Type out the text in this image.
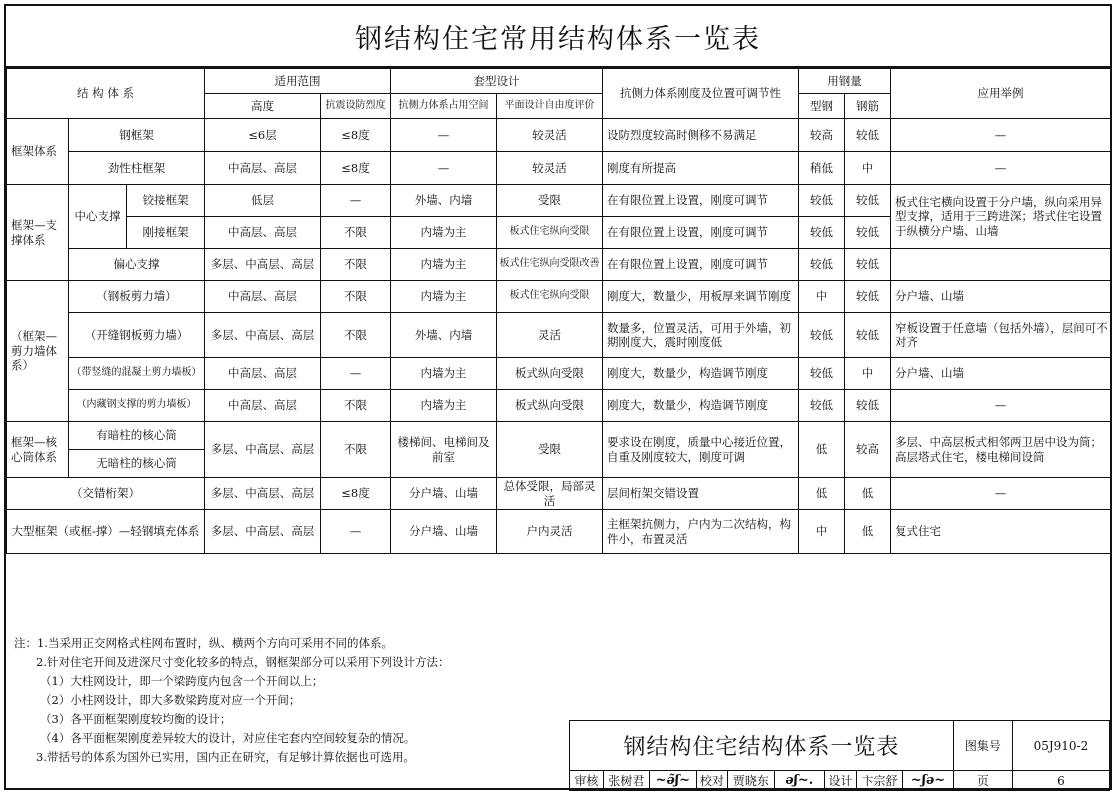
钢结构住宅常用结构体系一览表
结 构 体 系			适用范围		套型设计		抗侧力体系刚度及位置可调节性	用钢量		应用举例
			高度	抗震设防烈度	抗侧力体系占用空间	平面设计自由度评价		型钢	钢筋	
框架体系	钢框架		≤6层	≤8度	—	较灵活	设防烈度较高时侧移不易满足	较高	较低	—
	劲性柱框架		中高层、高层	≤8度	—	较灵活	刚度有所提高	稍低	中	—
框架—支撑体系	中心支撑	铰接框架	低层	—	外墙、内墙	受限	在有限位置上设置，刚度可调节	较低	较低	板式住宅横向设置于分户墙，纵向采用异型支撑，适用于三跨进深；塔式住宅设置于纵横分户墙、山墙
		刚接框架	中高层、高层	不限	内墙为主	板式住宅纵向受限	在有限位置上设置，刚度可调节	较低	较低	
	偏心支撑		多层、中高层、高层	不限	内墙为主	板式住宅纵向受限改善	在有限位置上设置，刚度可调节	较低	较低	
（框架—剪力墙体系）	（钢板剪力墙）		中高层、高层	不限	内墙为主	板式住宅纵向受限	刚度大，数量少，用板厚来调节刚度	中	较低	分户墙、山墙
	（开缝钢板剪力墙）		多层、中高层、高层	不限	外墙、内墙	灵活	数量多，位置灵活，可用于外墙，初期刚度大，震时刚度低	较低	较低	窄板设置于任意墙（包括外墙），层间可不对齐
	（带竖缝的混凝土剪力墙板）		中高层、高层	—	内墙为主	板式纵向受限	刚度大，数量少，构造调节刚度	较低	中	分户墙、山墙
	（内藏钢支撑的剪力墙板）		中高层、高层	不限	内墙为主	板式纵向受限	刚度大，数量少，构造调节刚度	较低	较低	—
框架—核心筒体系	有暗柱的核心筒		多层、中高层、高层	不限	楼梯间、电梯间及前室	受限	要求设在刚度，质量中心接近位置，自重及刚度较大，刚度可调	低	较高	多层、中高层板式相邻两卫居中设为筒；高层塔式住宅，楼电梯间设筒
	无暗柱的核心筒									
（交错桁架）			多层、中高层、高层	≤8度	分户墙、山墙	总体受限，局部灵活	层间桁架交错设置	低	低	—
大型框架（或框-撑）—轻钢填充体系			多层、中高层、高层	—	分户墙、山墙	户内灵活	主框架抗侧力，户内为二次结构，构件小，布置灵活	中	低	复式住宅
注：1.当采用正交网格式柱网布置时，纵、横两个方向可采用不同的体系。
2.针对住宅开间及进深尺寸变化较多的特点，钢框架部分可以采用下列设计方法：
（1）大柱网设计，即一个梁跨度内包含一个开间以上；
（2）小柱网设计，即大多数梁跨度对应一个开间；
（3）各平面框架刚度较均衡的设计；
（4）各平面框架刚度差异较大的设计，对应住宅套内空间较复杂的情况。
3.带括号的体系为国外已实用，国内正在研究，有足够计算依据也可选用。	钢结构住宅结构体系一览表									图集号	05J910-2
审核	张树君	~ǝ̃ʃ~	校对	贾晓东	ǝʃ~.	设计	卞宗舒	~ʃǝ~	页	6
